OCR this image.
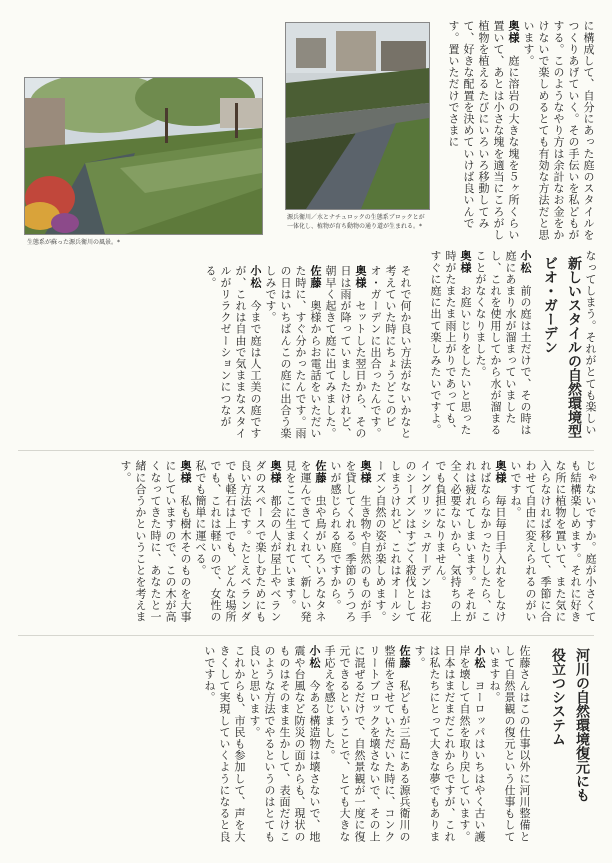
生態系が蘇った源兵衛川の風景。*
源兵衛川／水とナチュロックの生態系ブロックとが一体化し、植物が育ち動物の通り道が生まれる。*	に構成して、自分にあった庭のスタイルをつくりあげていく。その手伝いを私どもがする。このようなやり方は余計なお金をかけないで楽しめるとても有効な方法だと思います。

奥様　庭に溶岩の大きな塊を５ヶ所くらい置いて、あとは小さな塊を適当にころがし植物を植えるたびにいろいろ移動してみて、好きな配置を決めていけば良いんです。置いただけでさまに

それで何か良い方法がないかなと考えていた時にちょうどこのビオ・ガーデンに出合ったんです。

奥様　セットした翌日から、その日は雨が降っていましたけれど、朝早く起きて庭に出てみました。

佐藤　奥様からお電話をいただいた時に、すぐ分かったんです。雨の日はいちばんこの庭に出合う楽しみです。

小松　今まで庭は人工美の庭ですが、これは自由で気ままなスタイルがリラクゼーションにつながる。	小松　前の庭は土だけで、その時は庭にあまり水が溜まっていましたし、これを使用してから水が溜まることがなくなりました。

奥様　お庭いじりをしたいと思った時がたまたま雨上がりであっても、すぐに庭に出て楽しみたいですよ。	新しいスタイルの自然環境型
ビオ・ガーデン

なってしまう。それがとても楽しい

じゃないですか。庭が小さくても結構楽しめます。それに好きな所に植物を置いて、また気に入らなければ移して、季節に合わせて自由に変えられるのがいいですね。

奥様　毎日毎日手入れをしなければならなかったりしたら、これは疲れてしまいます。それが全く必要ないから、気持ちの上でも負担になりません。

イングリッシュガーデンはお花のシーズンはすごく殺伐としてしまうけれど、これはオールシーズン自然の姿が楽しめます。

奥様　生き物や自然のものが手を貸してくれる。季節のうつろいが感じられる庭ですから。

佐藤　虫や鳥がいろいろなタネを運んできてくれて、新しい発見をここに生まれています。

奥様　都会の人が屋上やベランダのスペースで楽しむためにも良い方法です。たとえベランダでも軽石は上でも、どんな場所でも、これは軽いので、女性の私でも簡単に運べる。

奥様　私も樹木そのものを大事にしていますので、この木が高くなってきた時に、あなたと一緒に合うかということを考えます。

佐藤さんはこの仕事以外に河川整備として自然景観の復元という仕事もしていますね。

小松　ヨーロッパはいちはやく古い護岸を壊して自然を取り戻しています。日本はまだまだこれからですが、これは私たちにとって大きな夢でもあります。

佐藤　私どもが三島にある源兵衛川の整備をさせていただいた時に、コンクリートブロックを壊さないで、その上に混ぜるだけで、自然景観が一度に復元できるということで、とても大きな手応えを感じました。

小松　今ある構造物は壊さないで、地震や台風など防災の面からも、現状のものはそのまま生かして、表面だけこのような方法でやるというのはとても良いと思います。

これからも、市民も参加して、声を大きくして実現していくようになると良いですね。	河川の自然環境復元にも
役立つシステム
